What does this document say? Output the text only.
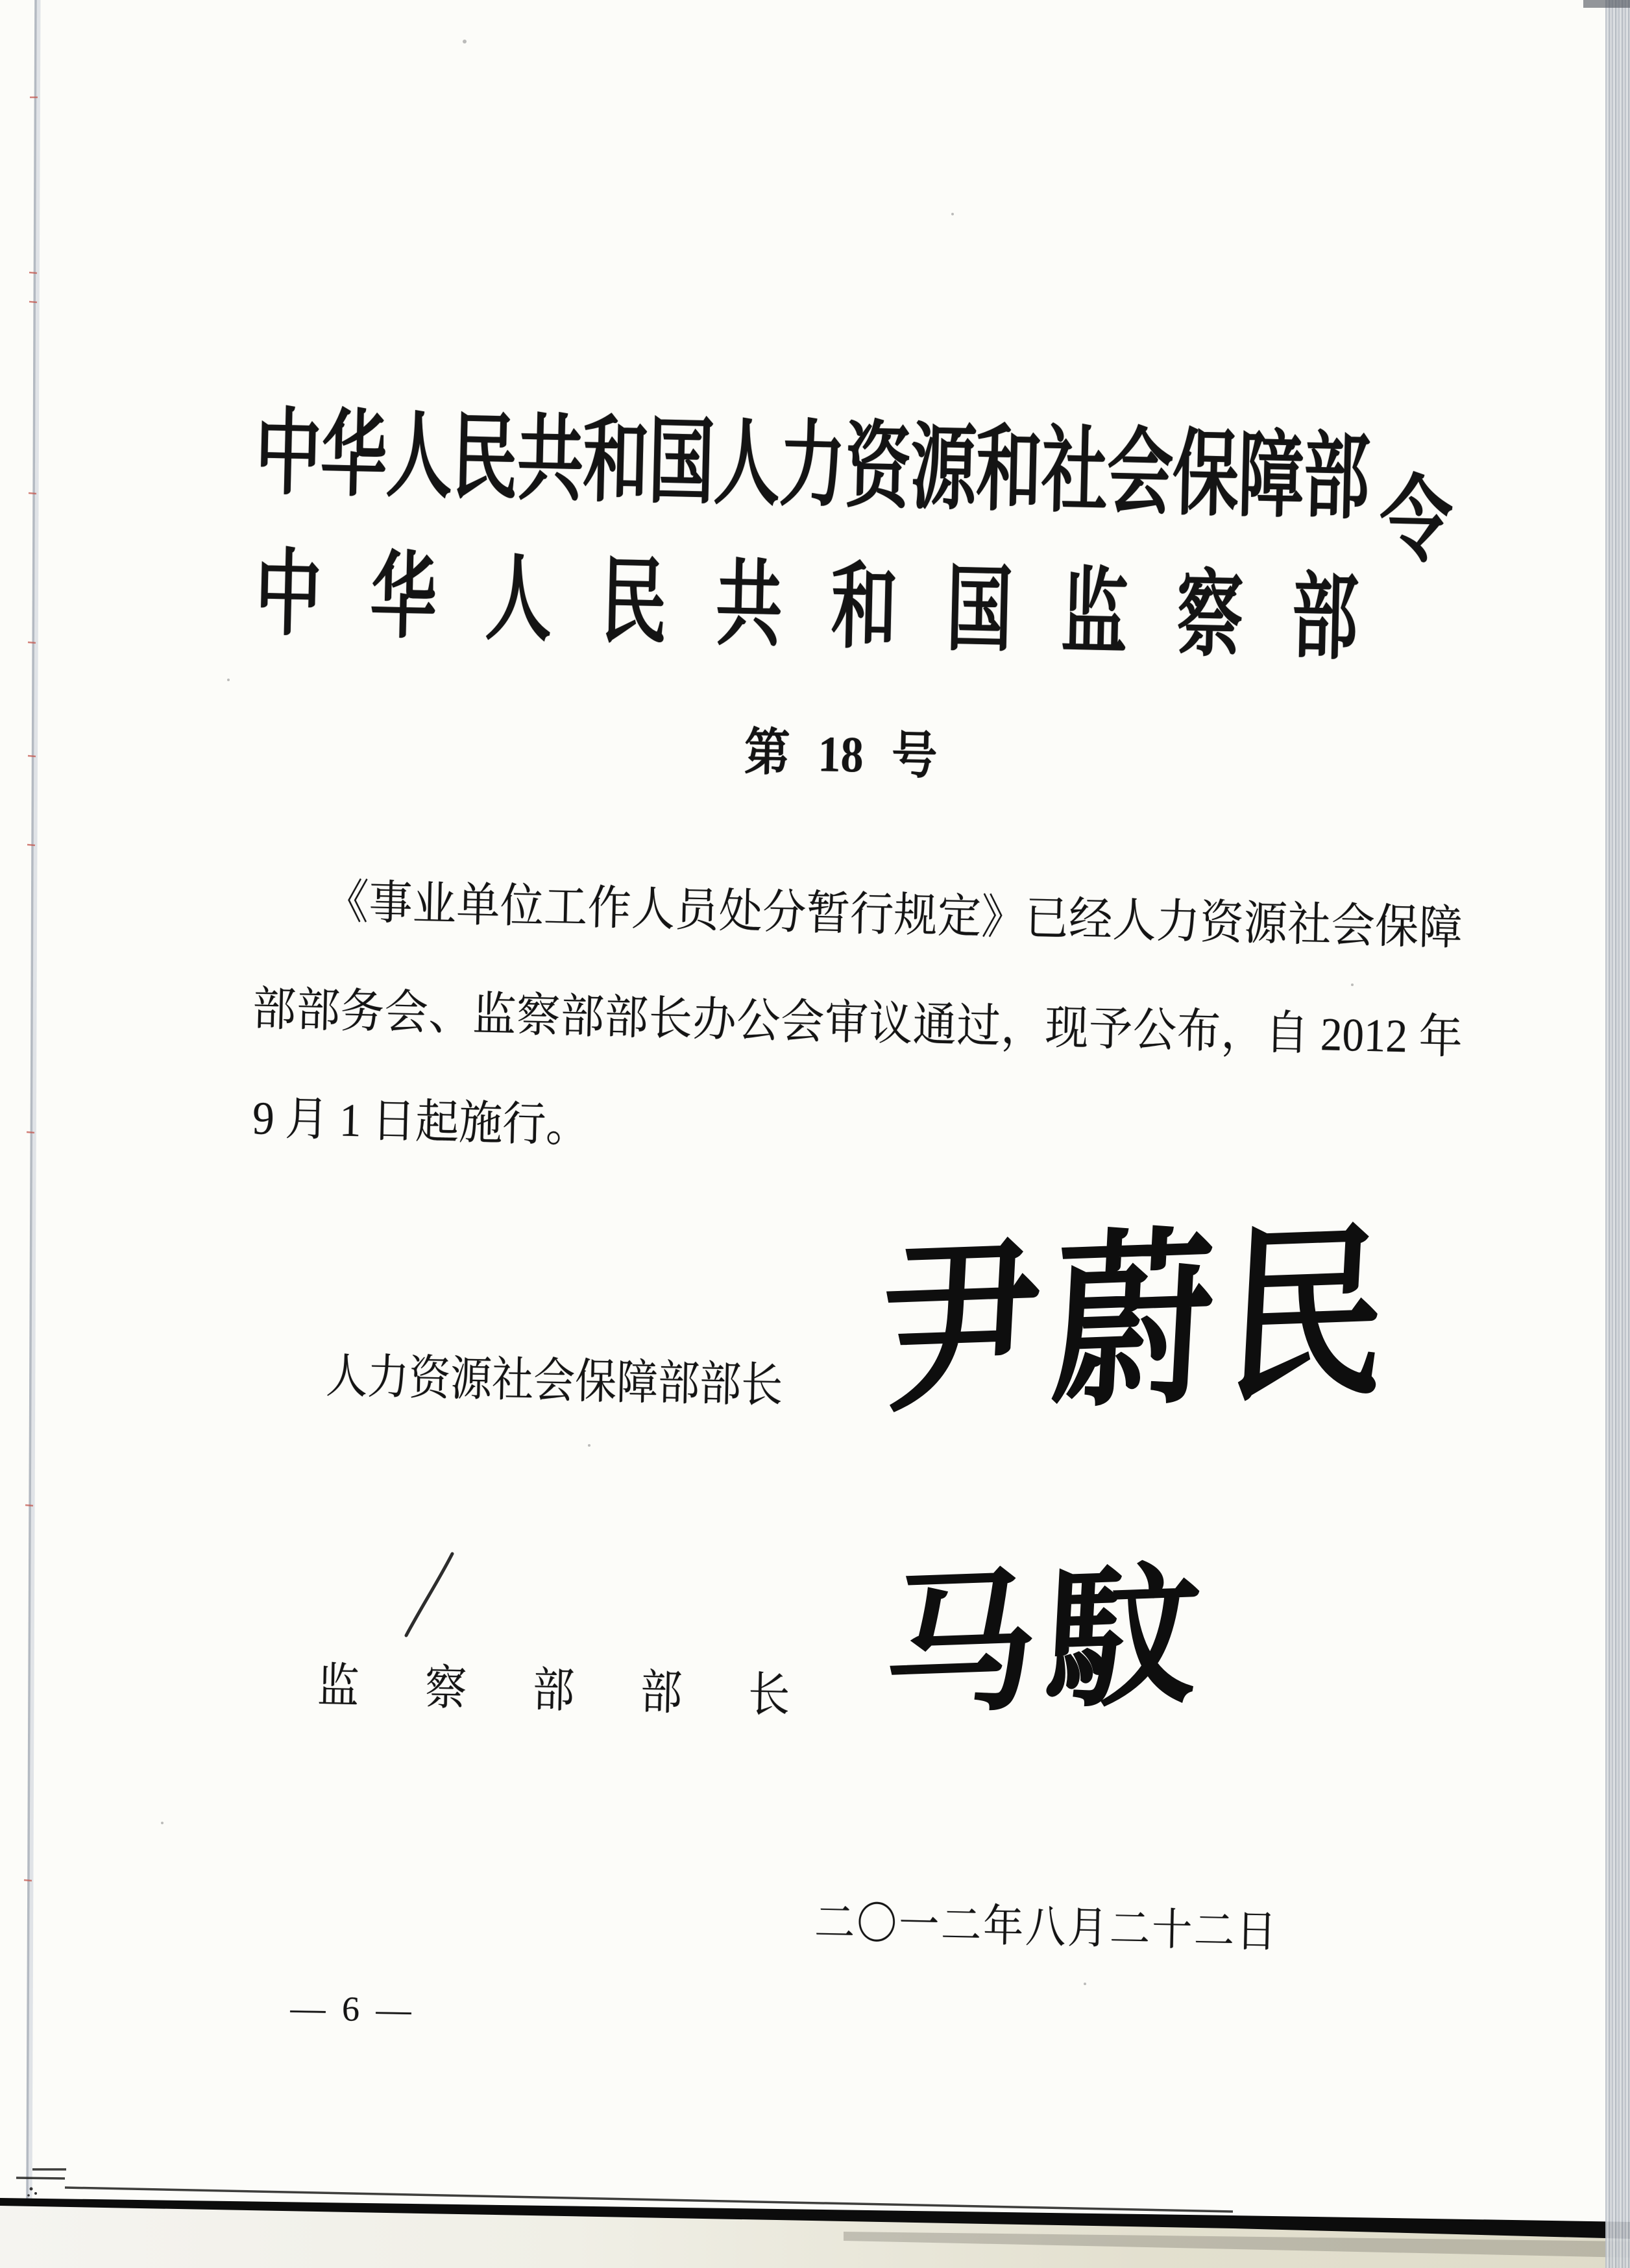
中华人民共和国人力资源和社会保障部
中华人民共和国监察部
令
第 18 号
《事业单位工作人员处分暂行规定》已经人力资源社会保障
部部务会、监察部部长办公会审议通过，现予公布，自 2012 年
9 月 1 日起施行。
人力资源社会保障部部长 尹蔚民
监察部部长 马馼
二〇一二年八月二十二日
— 6 —
